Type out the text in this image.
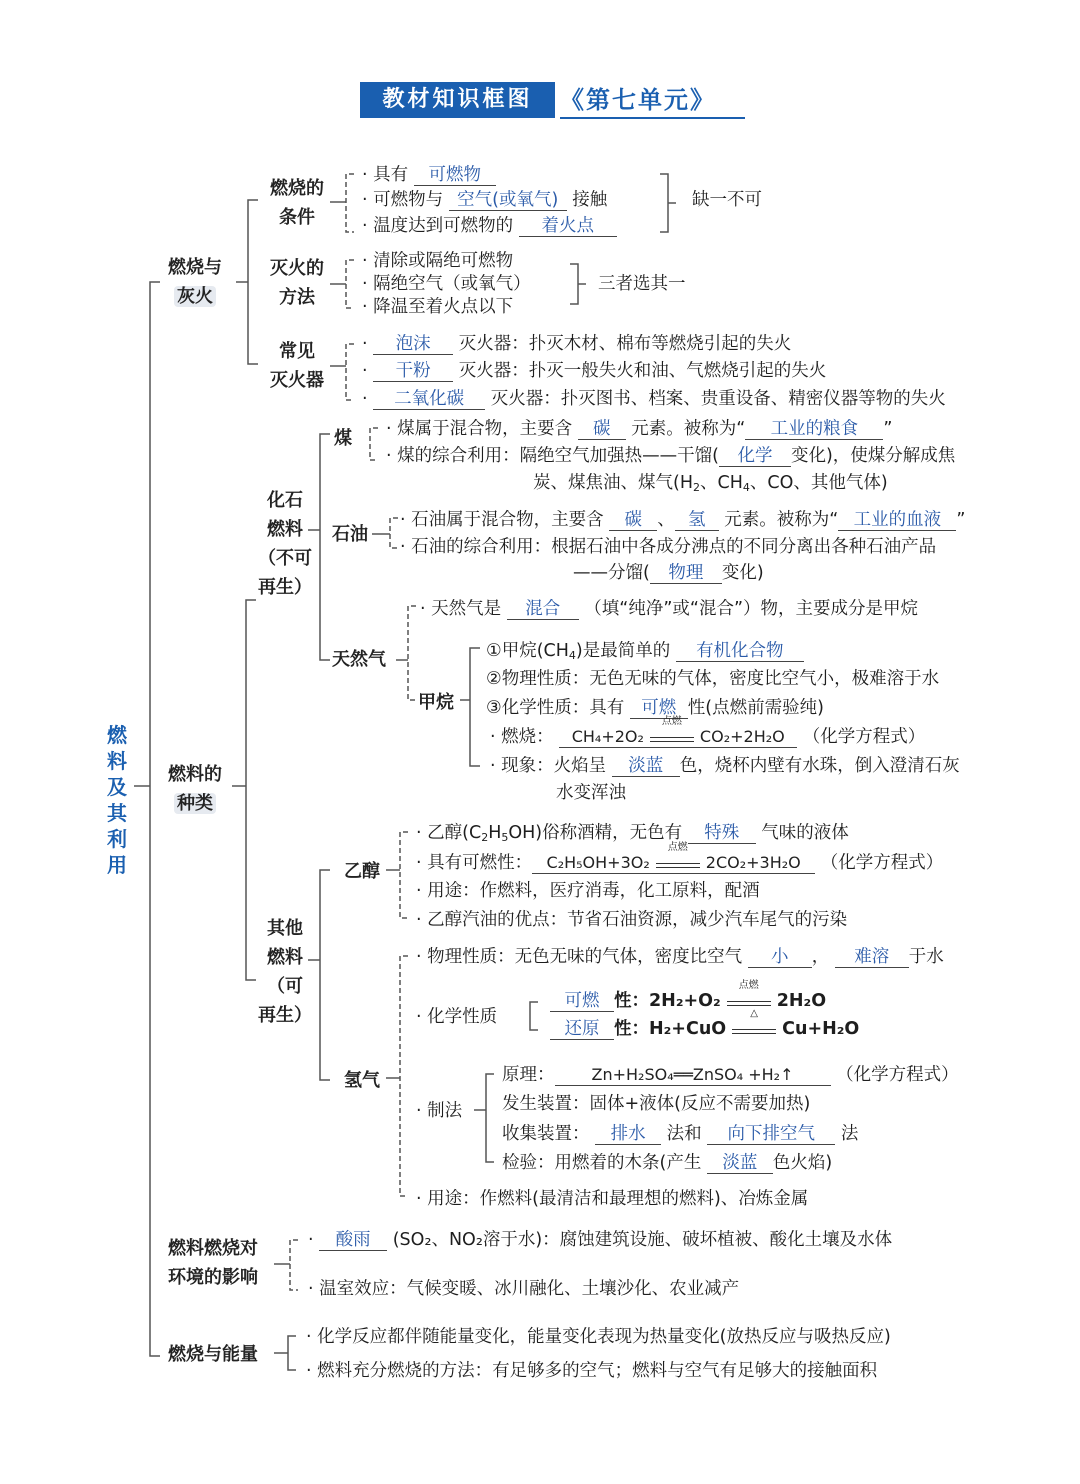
教材知识框图	《第七单元》
燃料及其利用
燃烧与
灰火
燃料的
种类
燃料燃烧对
环境的影响
燃烧与能量
燃烧的
条件
灭火的
方法
常见
灭火器
化石
燃料
（不可
再生）
其他
燃料
（可
再生）
煤
石油
天然气
甲烷
乙醇
氢气
· 具有 可燃物
· 可燃物与 空气(或氧气) 接触
· 温度达到可燃物的 着火点
缺一不可
· 清除或隔绝可燃物
· 隔绝空气（或氧气）
· 降温至着火点以下
三者选其一
· 泡沫 灭火器：扑灭木材、棉布等燃烧引起的失火
· 干粉 灭火器：扑灭一般失火和油、气燃烧引起的失火
· 二氧化碳 灭火器：扑灭图书、档案、贵重设备、精密仪器等物的失火
· 煤属于混合物，主要含 碳 元素。被称为“ 工业的粮食 ”
· 煤的综合利用：隔绝空气加强热——干馏( 化学 变化)，使煤分解成焦
炭、煤焦油、煤气($H_2$、$CH_4$、CO、其他气体)
· 石油属于混合物，主要含 碳 、 氢 元素。被称为“ 工业的血液 ”
· 石油的综合利用：根据石油中各成分沸点的不同分离出各种石油产品
——分馏( 物理 变化)
· 天然气是 混合 （填“纯净”或“混合”）物，主要成分是甲烷
①甲烷$(CH_4)$是最简单的 有机化合物
②物理性质：无色无味的气体，密度比空气小，极难溶于水
③化学性质：具有 可燃 性(点燃前需验纯)
· 燃烧： CH₄+2O₂
点燃
CO₂+2H₂O （化学方程式）
· 现象：火焰呈 淡蓝 色，烧杯内壁有水珠，倒入澄清石灰
水变浑浊
· 乙醇$(C_2H_5OH)$俗称酒精，无色有 特殊 气味的液体
· 具有可燃性： C₂H₅OH+3O₂
点燃
2CO₂+3H₂O （化学方程式）
· 用途：作燃料，医疗消毒，化工原料，配酒
· 乙醇汽油的优点：节省石油资源，减少汽车尾气的污染
· 物理性质：无色无味的气体，密度比空气 小 ， 难溶 于水
· 化学性质
可燃 性：2H₂+O₂
点燃
2H₂O
还原 性：H₂+CuO
△
Cu+H₂O
· 制法
原理： Zn+H₂SO₄══ZnSO₄ +H₂↑ （化学方程式）
发生装置：固体+液体(反应不需要加热)
收集装置： 排水 法和 向下排空气 法
检验：用燃着的木条(产生 淡蓝 色火焰)
· 用途：作燃料(最清洁和最理想的燃料)、冶炼金属
· 酸雨 (SO₂、NO₂溶于水)：腐蚀建筑设施、破坏植被、酸化土壤及水体
· 温室效应：气候变暖、冰川融化、土壤沙化、农业减产
· 化学反应都伴随能量变化，能量变化表现为热量变化(放热反应与吸热反应)
· 燃料充分燃烧的方法：有足够多的空气；燃料与空气有足够大的接触面积
